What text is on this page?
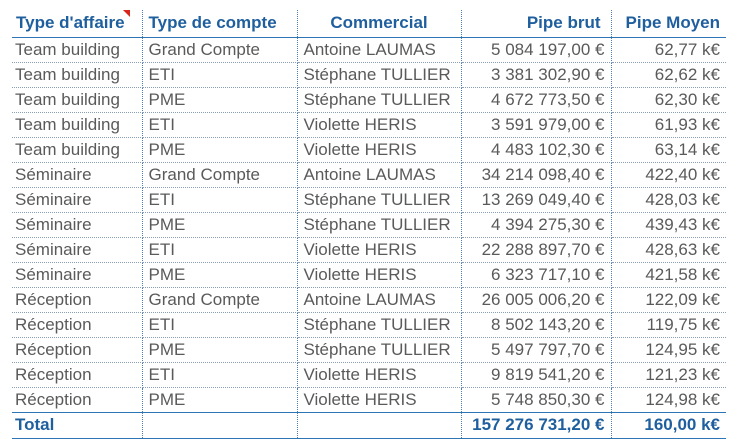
Type d'affaire	Type de compte	Commercial	Pipe brut	Pipe Moyen
Team building	Grand Compte	Antoine LAUMAS	5 084 197,00 €	62,77 k€
Team building	ETI	Stéphane TULLIER	3 381 302,90 €	62,62 k€
Team building	PME	Stéphane TULLIER	4 672 773,50 €	62,30 k€
Team building	ETI	Violette HERIS	3 591 979,00 €	61,93 k€
Team building	PME	Violette HERIS	4 483 102,30 €	63,14 k€
Séminaire	Grand Compte	Antoine LAUMAS	34 214 098,40 €	422,40 k€
Séminaire	ETI	Stéphane TULLIER	13 269 049,40 €	428,03 k€
Séminaire	PME	Stéphane TULLIER	4 394 275,30 €	439,43 k€
Séminaire	ETI	Violette HERIS	22 288 897,70 €	428,63 k€
Séminaire	PME	Violette HERIS	6 323 717,10 €	421,58 k€
Réception	Grand Compte	Antoine LAUMAS	26 005 006,20 €	122,09 k€
Réception	ETI	Stéphane TULLIER	8 502 143,20 €	119,75 k€
Réception	PME	Stéphane TULLIER	5 497 797,70 €	124,95 k€
Réception	ETI	Violette HERIS	9 819 541,20 €	121,23 k€
Réception	PME	Violette HERIS	5 748 850,30 €	124,98 k€
Total			157 276 731,20 €	160,00 k€
